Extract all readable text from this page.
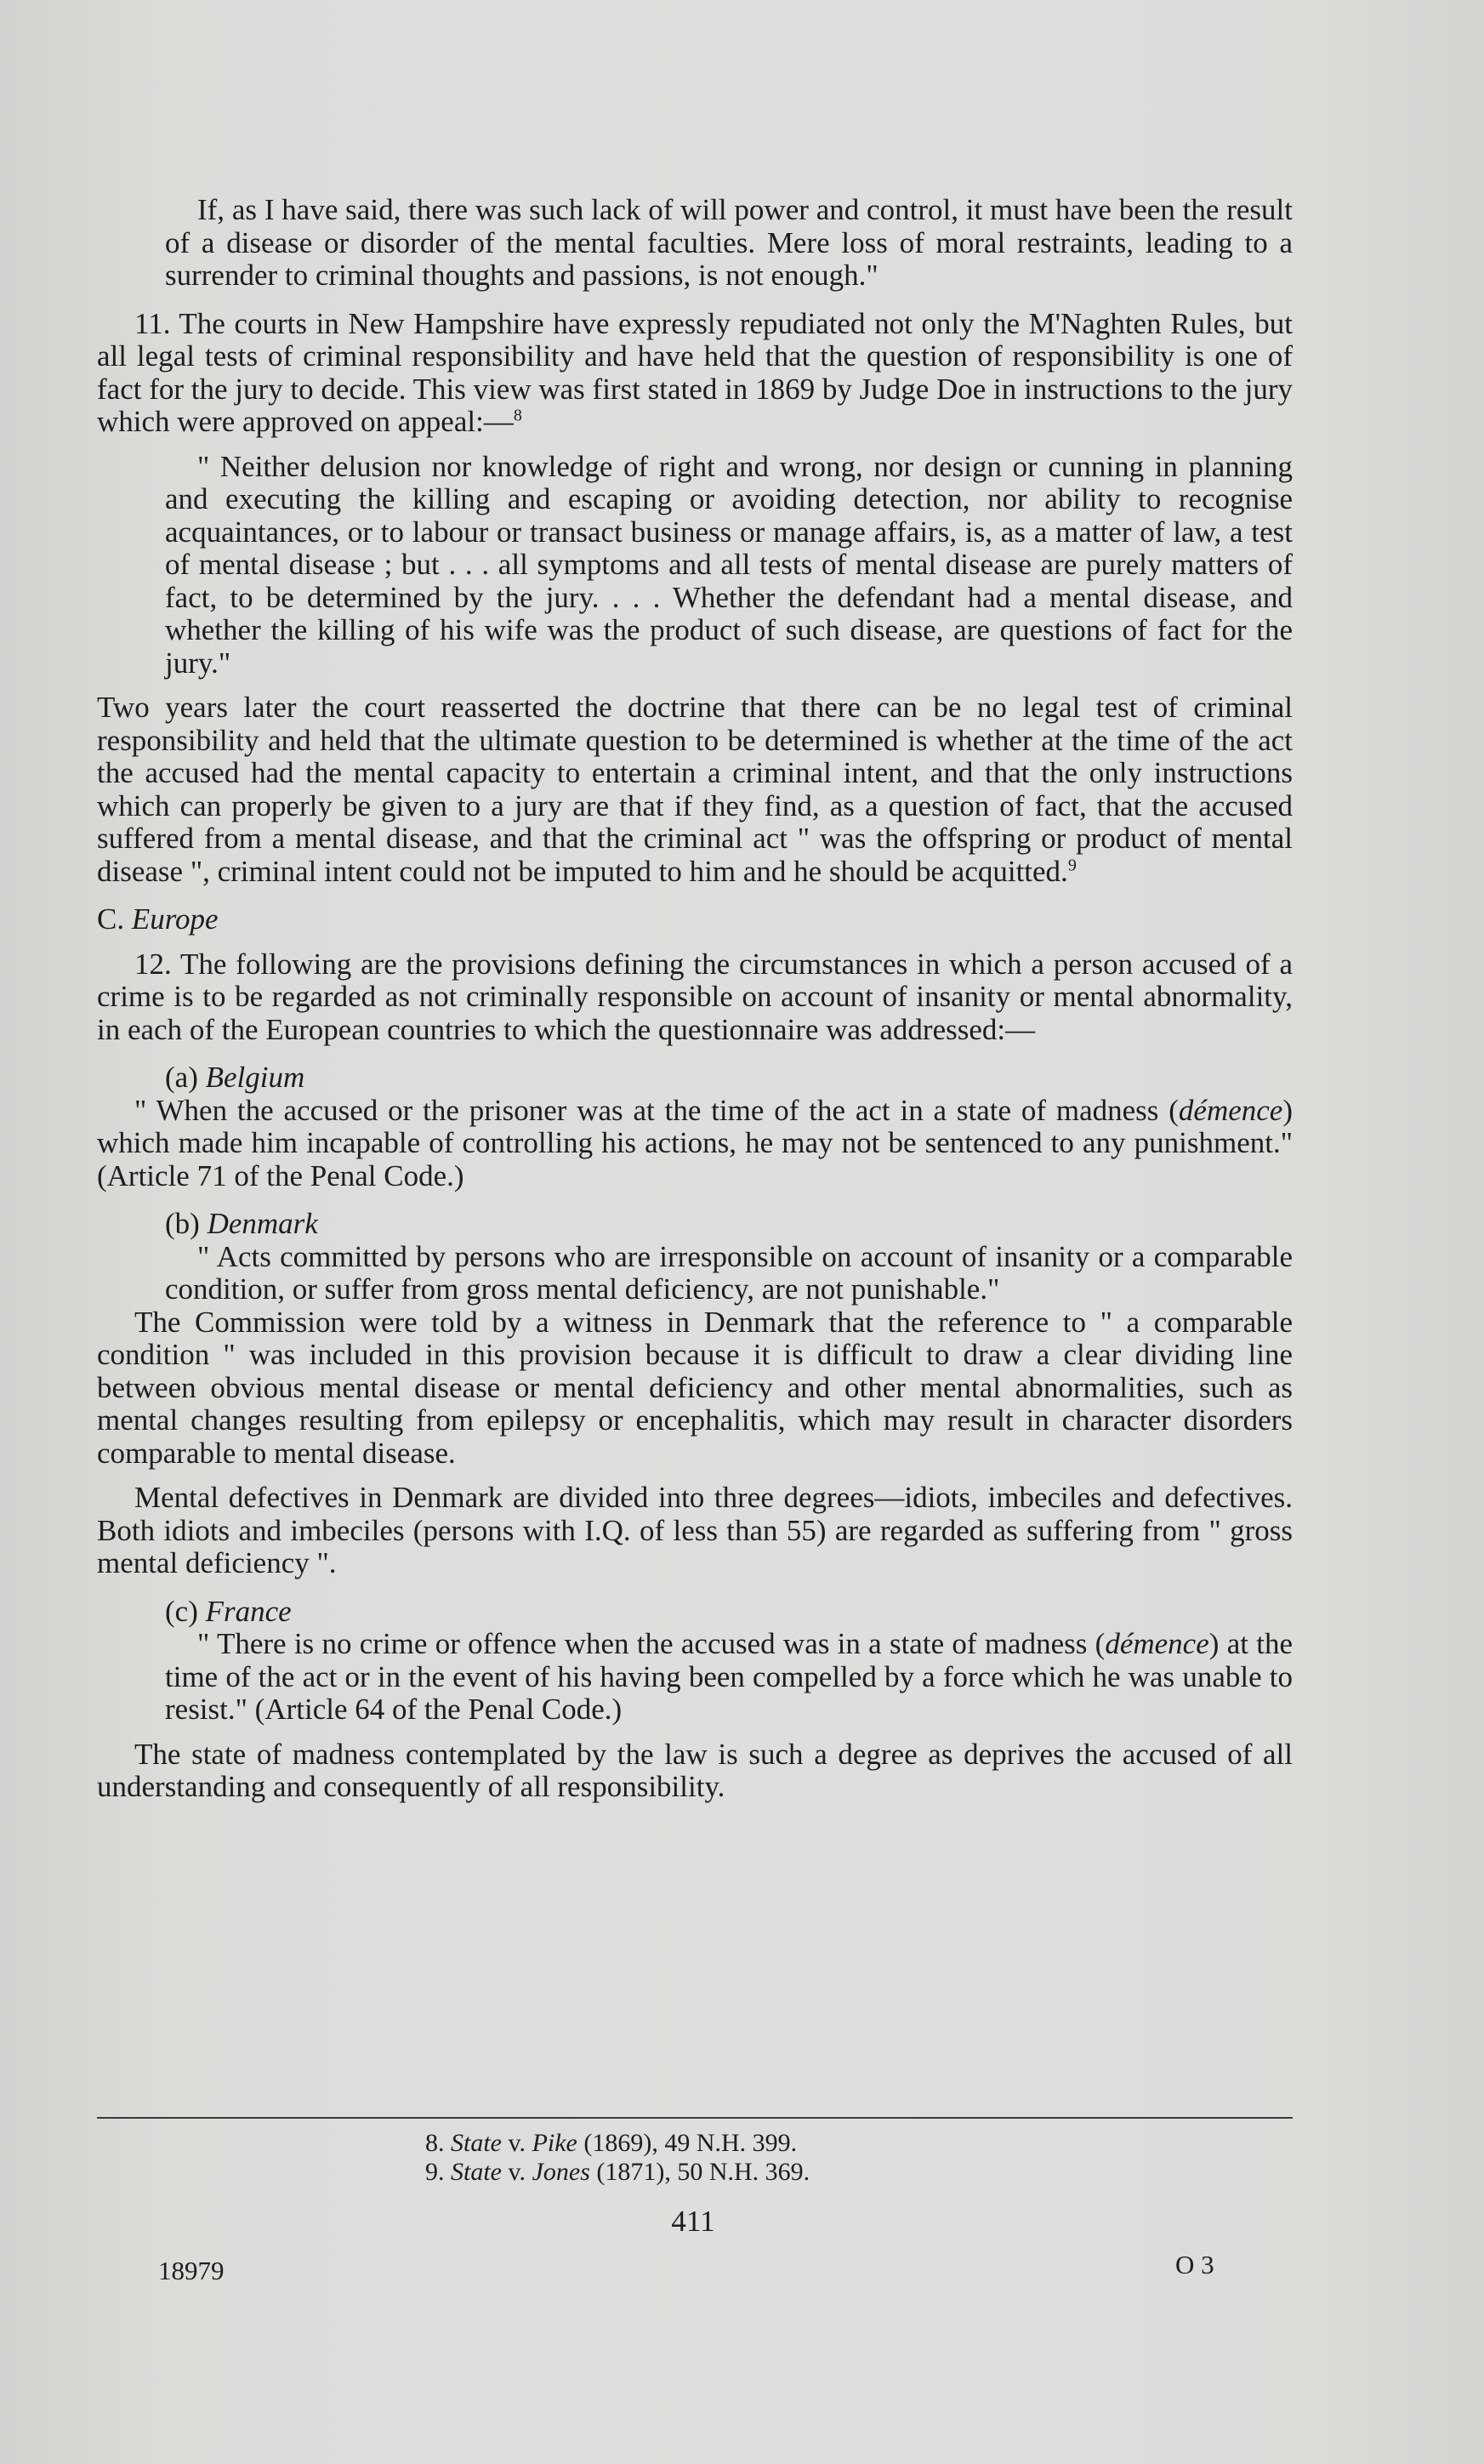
If, as I have said, there was such lack of will power and control, it must have been the result of a disease or disorder of the mental faculties. Mere loss of moral restraints, leading to a surrender to criminal thoughts and passions, is not enough."

11. The courts in New Hampshire have expressly repudiated not only the M'Naghten Rules, but all legal tests of criminal responsibility and have held that the question of responsibility is one of fact for the jury to decide. This view was first stated in 1869 by Judge Doe in instructions to the jury which were approved on appeal:—$^8$

" Neither delusion nor knowledge of right and wrong, nor design or cunning in planning and executing the killing and escaping or avoiding detection, nor ability to recognise acquaintances, or to labour or transact business or manage affairs, is, as a matter of law, a test of mental disease ; but . . . all symptoms and all tests of mental disease are purely matters of fact, to be determined by the jury. . . . Whether the defendant had a mental disease, and whether the killing of his wife was the product of such disease, are questions of fact for the jury."

Two years later the court reasserted the doctrine that there can be no legal test of criminal responsibility and held that the ultimate question to be determined is whether at the time of the act the accused had the mental capacity to entertain a criminal intent, and that the only instructions which can properly be given to a jury are that if they find, as a question of fact, that the accused suffered from a mental disease, and that the criminal act " was the offspring or product of mental disease ", criminal intent could not be imputed to him and he should be acquitted.$^9$

C. Europe

12. The following are the provisions defining the circumstances in which a person accused of a crime is to be regarded as not criminally responsible on account of insanity or mental abnormality, in each of the European countries to which the questionnaire was addressed:—

(a) Belgium

" When the accused or the prisoner was at the time of the act in a state of madness (démence) which made him incapable of controlling his actions, he may not be sentenced to any punishment." (Article 71 of the Penal Code.)

(b) Denmark

" Acts committed by persons who are irresponsible on account of insanity or a comparable condition, or suffer from gross mental deficiency, are not punishable."

The Commission were told by a witness in Denmark that the reference to " a comparable condition " was included in this provision because it is difficult to draw a clear dividing line between obvious mental disease or mental deficiency and other mental abnormalities, such as mental changes resulting from epilepsy or encephalitis, which may result in character disorders comparable to mental disease.

Mental defectives in Denmark are divided into three degrees—idiots, imbeciles and defectives. Both idiots and imbeciles (persons with I.Q. of less than 55) are regarded as suffering from " gross mental deficiency ".

(c) France

" There is no crime or offence when the accused was in a state of madness (démence) at the time of the act or in the event of his having been compelled by a force which he was unable to resist." (Article 64 of the Penal Code.)

The state of madness contemplated by the law is such a degree as deprives the accused of all understanding and consequently of all responsibility.

8. State v. Pike (1869), 49 N.H. 399.
9. State v. Jones (1871), 50 N.H. 369.
411
18979	O 3
